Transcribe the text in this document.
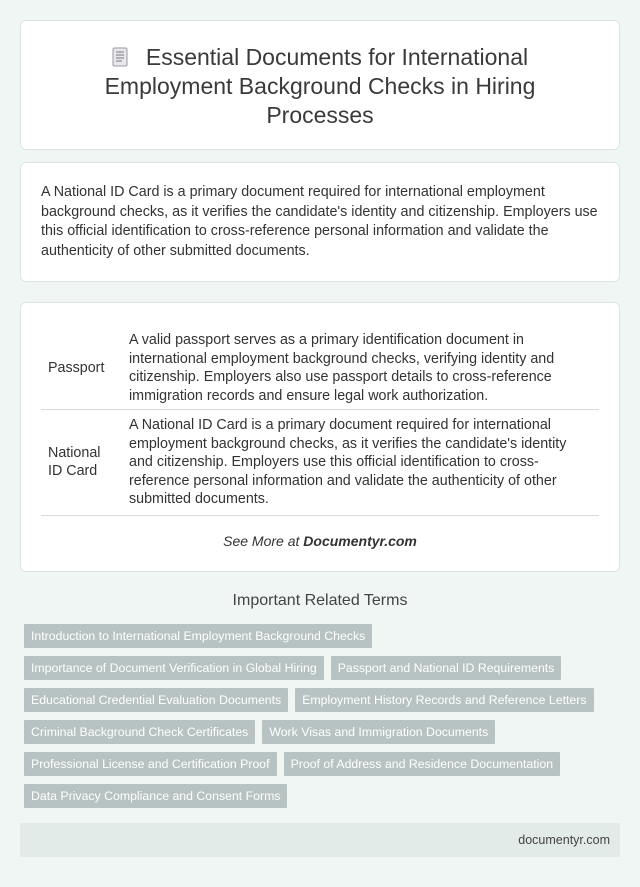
Essential Documents for International Employment Background Checks in Hiring Processes

A National ID Card is a primary document required for international employment background checks, as it verifies the candidate's identity and citizenship. Employers use this official identification to cross-reference personal information and validate the authenticity of other submitted documents.

Passport	A valid passport serves as a primary identification document in international employment background checks, verifying identity and citizenship. Employers also use passport details to cross-reference immigration records and ensure legal work authorization.
National ID Card	A National ID Card is a primary document required for international employment background checks, as it verifies the candidate's identity and citizenship. Employers use this official identification to cross-reference personal information and validate the authenticity of other submitted documents.
See More at Documentyr.com
Important Related Terms
Introduction to International Employment Background Checks
Importance of Document Verification in Global Hiring Passport and National ID Requirements
Educational Credential Evaluation Documents Employment History Records and Reference Letters
Criminal Background Check Certificates Work Visas and Immigration Documents
Professional License and Certification Proof Proof of Address and Residence Documentation
Data Privacy Compliance and Consent Forms
documentyr.com
